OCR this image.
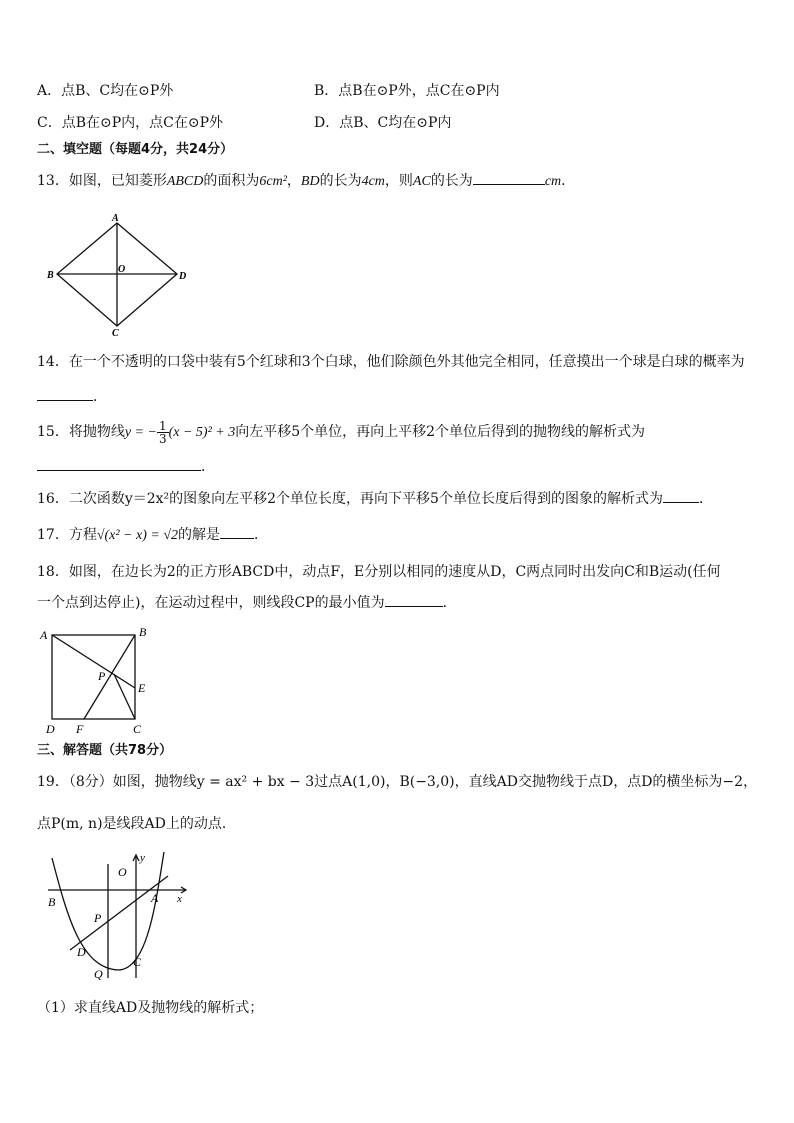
A．点B、C均在⊙P外	B．点B在⊙P外，点C在⊙P内
C．点B在⊙P内，点C在⊙P外	D．点B、C均在⊙P内
二、填空题（每题4分，共24分）
13．如图，已知菱形ABCD的面积为6cm²，BD的长为4cm，则AC的长为	cm．
A
B
C
D
O
14．在一个不透明的口袋中装有5个红球和3个白球，他们除颜色外其他完全相同，任意摸出一个球是白球的概率为
．
15．将抛物线y = − $\frac{1}{3} (x - 5)^2 + 3$向左平移5个单位，再向上平移2个单位后得到的抛物线的解析式为
．
16．二次函数y＝2x²的图象向左平移2个单位长度，再向下平移5个单位长度后得到的图象的解析式为	．
17．方程√(x² − x) = √2的解是 ．
18．如图，在边长为2的正方形ABCD中，动点F，E分别以相同的速度从D，C两点同时出发向C和B运动(任何
一个点到达停止)，在运动过程中，则线段CP的最小值为	．
A	B
C
D
E
F
P
三、解答题（共78分）
19．（8分）如图，抛物线y = ax² + bx − 3过点A(1,0)，B(−3,0)，直线AD交抛物线于点D，点D的横坐标为−2，
点P(m, n)是线段AD上的动点．
y
x
O
A
B
P
D
Q
C
（1）求直线AD及抛物线的解析式；
